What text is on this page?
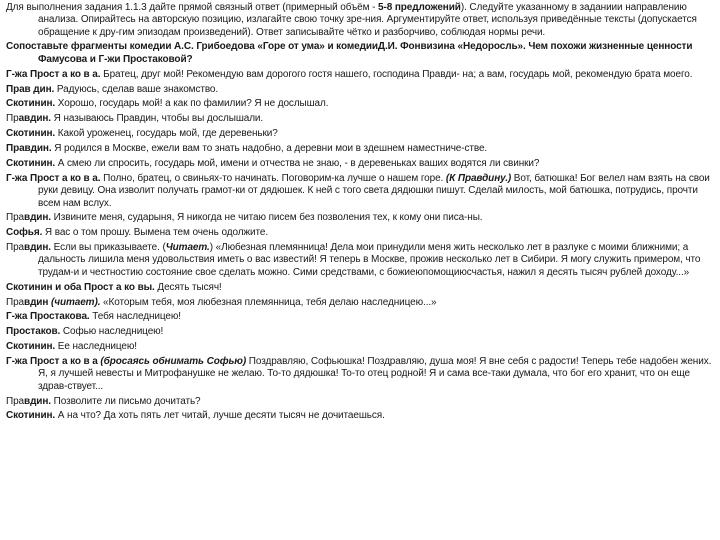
Для выполнения задания 1.1.3 дайте прямой связный ответ (примерный объём - 5-8 предложений). Следуйте указанному в заданиии направлению анализа. Опирайтесь на авторскую позицию, излагайте свою точку зре-ния. Аргументируйте ответ, используя приведённые тексты (допускается обращение к дру-гим эпизодам произведений). Ответ записывайте чётко и разборчиво, соблюдая нормы речи.

Сопоставьте фрагменты комедии А.С. Грибоедова «Горе от ума» и комедииД.И. Фонвизина «Недоросль». Чем похожи жизненные ценности Фамусова и Г-жи Простаковой?

Г-жа Прост а ко в а. Братец, друг мой! Рекомендую вам дорогого гостя нашего, господина Правди- на; а вам, государь мой, рекомендую брата моего.

Прав дин. Радуюсь, сделав ваше знакомство.

Скотинин. Хорошо, государь мой! а как по фамилии? Я не дослышал.

Правдин. Я называюсь Правдин, чтобы вы дослышали.

Скотинин. Какой уроженец, государь мой, где деревеньки?

Правдин. Я родился в Москве, ежели вам то знать надобно, а деревни мои в здешнем наместниче-стве.

Скотинин. А смею ли спросить, государь мой, имени и отчества не знаю, - в деревеньках ваших водятся ли свинки?

Г-жа Прост а ко в а. Полно, братец, о свиньях-то начинать. Поговорим-ка лучше о нашем горе. (К Правдину.) Вот, батюшка! Бог велел нам взять на свои руки девицу. Она изволит получать грамот-ки от дядюшек. К ней с того света дядюшки пишут. Сделай милость, мой батюшка, потрудись, прочти всем нам вслух.

Правдин. Извините меня, сударыня, Я никогда не читаю писем без позволения тех, к кому они писа-ны.

Софья. Я вас о том прошу. Вымена тем очень одолжите.

Правдин. Если вы приказываете. (Читает.) «Любезная племянница! Дела мои принудили меня жить несколько лет в разлуке с моими ближними; а дальность лишила меня удовольствия иметь о вас известий! Я теперь в Москве, прожив несколько лет в Сибири. Я могу служить примером, что трудам-и и честностию состояние свое сделать можно. Сими средствами, с божиеюпомощиюсчастья, нажил я десять тысяч рублей доходу...»

Скотинин и оба Прост а ко вы. Десять тысяч!

Правдин (читает). «Которым тебя, моя любезная племянница, тебя делаю наследницею...»

Г-жа Простакова. Тебя наследницею!

Простаков. Софью наследницею!

Скотинин. Ее наследницею!

Г-жа Прост а ко в а (бросаясь обнимать Софью) Поздравляю, Софьюшка! Поздравляю, душа моя! Я вне себя с радости! Теперь тебе надобен жених. Я, я лучшей невесты и Митрофанушке не желаю. То-то дядюшка! То-то отец родной! Я и сама все-таки думала, что бог его хранит, что он еще здрав-ствует...

Правдин. Позволите ли письмо дочитать?

Скотинин. А на что? Да хоть пять лет читай, лучше десяти тысяч не дочитаешься.
